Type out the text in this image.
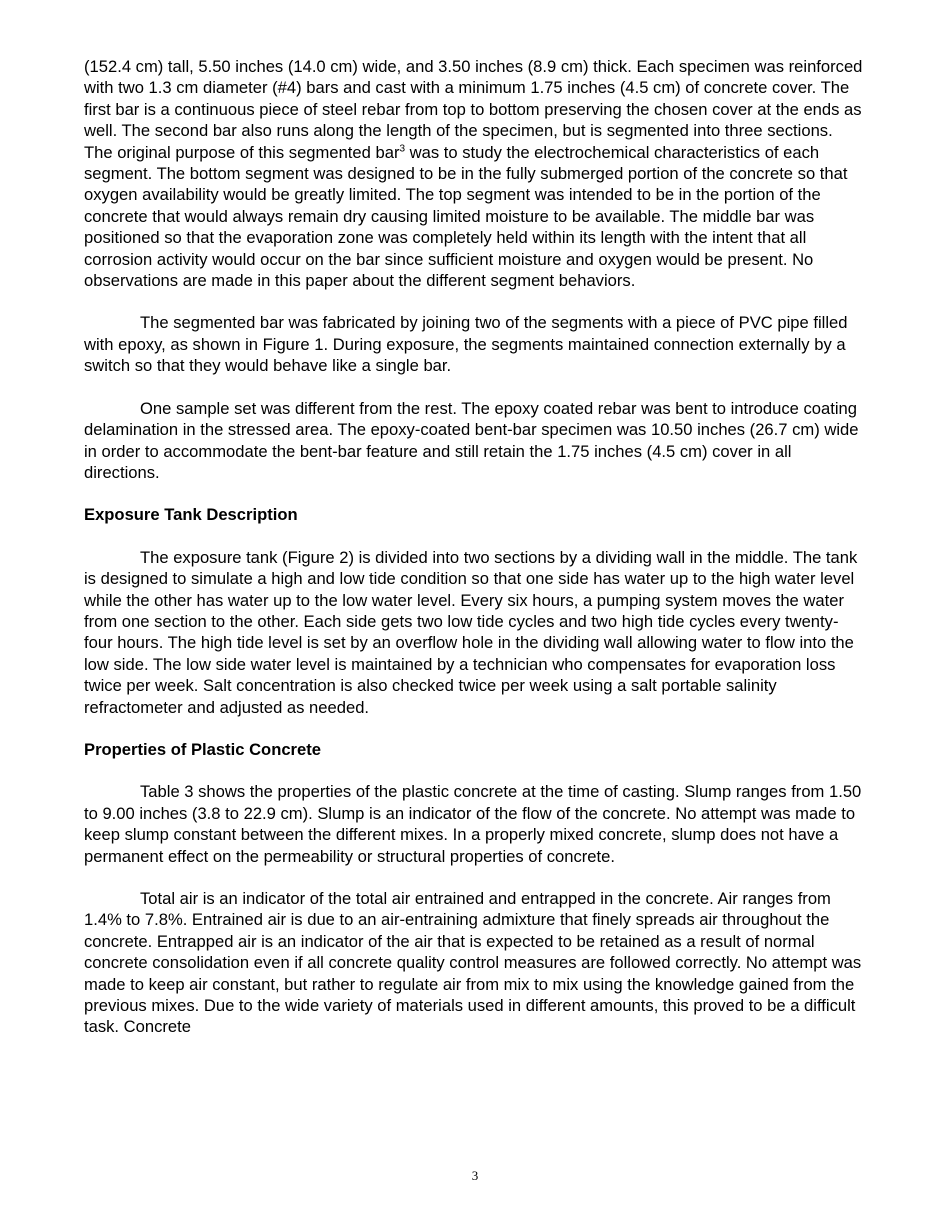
(152.4 cm) tall, 5.50 inches (14.0 cm) wide, and 3.50 inches (8.9 cm) thick. Each specimen was reinforced with two 1.3 cm diameter (#4) bars and cast with a minimum 1.75 inches (4.5 cm) of concrete cover. The first bar is a continuous piece of steel rebar from top to bottom preserving the chosen cover at the ends as well. The second bar also runs along the length of the specimen, but is segmented into three sections. The original purpose of this segmented bar$^3$ was to study the electrochemical characteristics of each segment. The bottom segment was designed to be in the fully submerged portion of the concrete so that oxygen availability would be greatly limited. The top segment was intended to be in the portion of the concrete that would always remain dry causing limited moisture to be available. The middle bar was positioned so that the evaporation zone was completely held within its length with the intent that all corrosion activity would occur on the bar since sufficient moisture and oxygen would be present. No observations are made in this paper about the different segment behaviors.

The segmented bar was fabricated by joining two of the segments with a piece of PVC pipe filled with epoxy, as shown in Figure 1. During exposure, the segments maintained connection externally by a switch so that they would behave like a single bar.

One sample set was different from the rest. The epoxy coated rebar was bent to introduce coating delamination in the stressed area. The epoxy-coated bent-bar specimen was 10.50 inches (26.7 cm) wide in order to accommodate the bent-bar feature and still retain the 1.75 inches (4.5 cm) cover in all directions.

Exposure Tank Description

The exposure tank (Figure 2) is divided into two sections by a dividing wall in the middle. The tank is designed to simulate a high and low tide condition so that one side has water up to the high water level while the other has water up to the low water level. Every six hours, a pumping system moves the water from one section to the other. Each side gets two low tide cycles and two high tide cycles every twenty-four hours. The high tide level is set by an overflow hole in the dividing wall allowing water to flow into the low side. The low side water level is maintained by a technician who compensates for evaporation loss twice per week. Salt concentration is also checked twice per week using a salt portable salinity refractometer and adjusted as needed.

Properties of Plastic Concrete

Table 3 shows the properties of the plastic concrete at the time of casting. Slump ranges from 1.50 to 9.00 inches (3.8 to 22.9 cm). Slump is an indicator of the flow of the concrete. No attempt was made to keep slump constant between the different mixes. In a properly mixed concrete, slump does not have a permanent effect on the permeability or structural properties of concrete.

Total air is an indicator of the total air entrained and entrapped in the concrete. Air ranges from 1.4% to 7.8%. Entrained air is due to an air-entraining admixture that finely spreads air throughout the concrete. Entrapped air is an indicator of the air that is expected to be retained as a result of normal concrete consolidation even if all concrete quality control measures are followed correctly. No attempt was made to keep air constant, but rather to regulate air from mix to mix using the knowledge gained from the previous mixes. Due to the wide variety of materials used in different amounts, this proved to be a difficult task. Concrete

3
